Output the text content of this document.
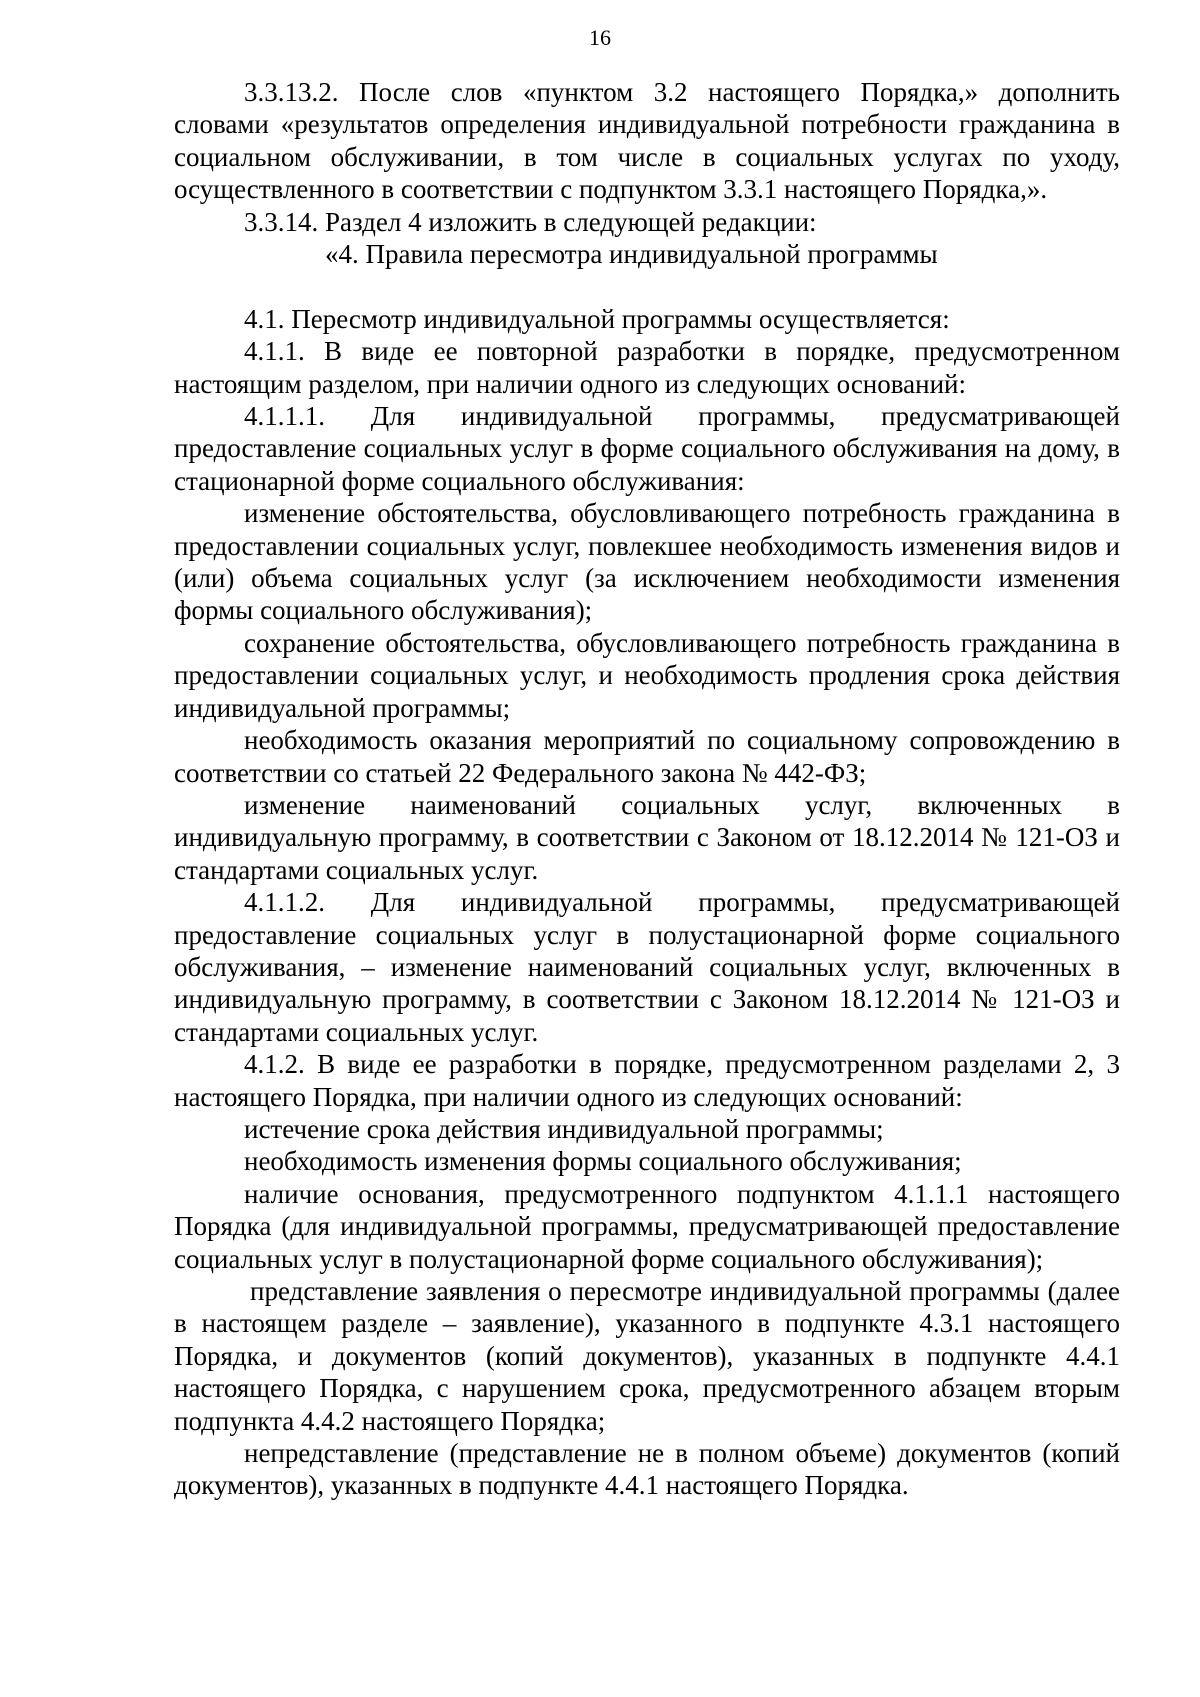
16

3.3.13.2. После слов «пунктом 3.2 настоящего Порядка,» дополнить словами «результатов определения индивидуальной потребности гражданина в социальном обслуживании, в том числе в социальных услугах по уходу, осуществленного в соответствии с подпунктом 3.3.1 настоящего Порядка,».

3.3.14. Раздел 4 изложить в следующей редакции:

«4. Правила пересмотра индивидуальной программы

4.1. Пересмотр индивидуальной программы осуществляется:

4.1.1. В виде ее повторной разработки в порядке, предусмотренном настоящим разделом, при наличии одного из следующих оснований:

4.1.1.1. Для индивидуальной программы, предусматривающей предоставление социальных услуг в форме социального обслуживания на дому, в стационарной форме социального обслуживания:

изменение обстоятельства, обусловливающего потребность гражданина в предоставлении социальных услуг, повлекшее необходимость изменения видов и (или) объема социальных услуг (за исключением необходимости изменения формы социального обслуживания);

сохранение обстоятельства, обусловливающего потребность гражданина в предоставлении социальных услуг, и необходимость продления срока действия индивидуальной программы;

необходимость оказания мероприятий по социальному сопровождению в соответствии со статьей 22 Федерального закона № 442-ФЗ;

изменение наименований социальных услуг, включенных в индивидуальную программу, в соответствии с Законом от 18.12.2014 № 121-ОЗ и стандартами социальных услуг.

4.1.1.2. Для индивидуальной программы, предусматривающей предоставление социальных услуг в полустационарной форме социального обслуживания, – изменение наименований социальных услуг, включенных в индивидуальную программу, в соответствии с Законом 18.12.2014 № 121-ОЗ и стандартами социальных услуг.

4.1.2. В виде ее разработки в порядке, предусмотренном разделами 2, 3 настоящего Порядка, при наличии одного из следующих оснований:

истечение срока действия индивидуальной программы;

необходимость изменения формы социального обслуживания;

наличие основания, предусмотренного подпунктом 4.1.1.1 настоящего Порядка (для индивидуальной программы, предусматривающей предоставление социальных услуг в полустационарной форме социального обслуживания);

представление заявления о пересмотре индивидуальной программы (далее в настоящем разделе – заявление), указанного в подпункте 4.3.1 настоящего Порядка, и документов (копий документов), указанных в подпункте 4.4.1 настоящего Порядка, с нарушением срока, предусмотренного абзацем вторым подпункта 4.4.2 настоящего Порядка;

непредставление (представление не в полном объеме) документов (копий документов), указанных в подпункте 4.4.1 настоящего Порядка.
